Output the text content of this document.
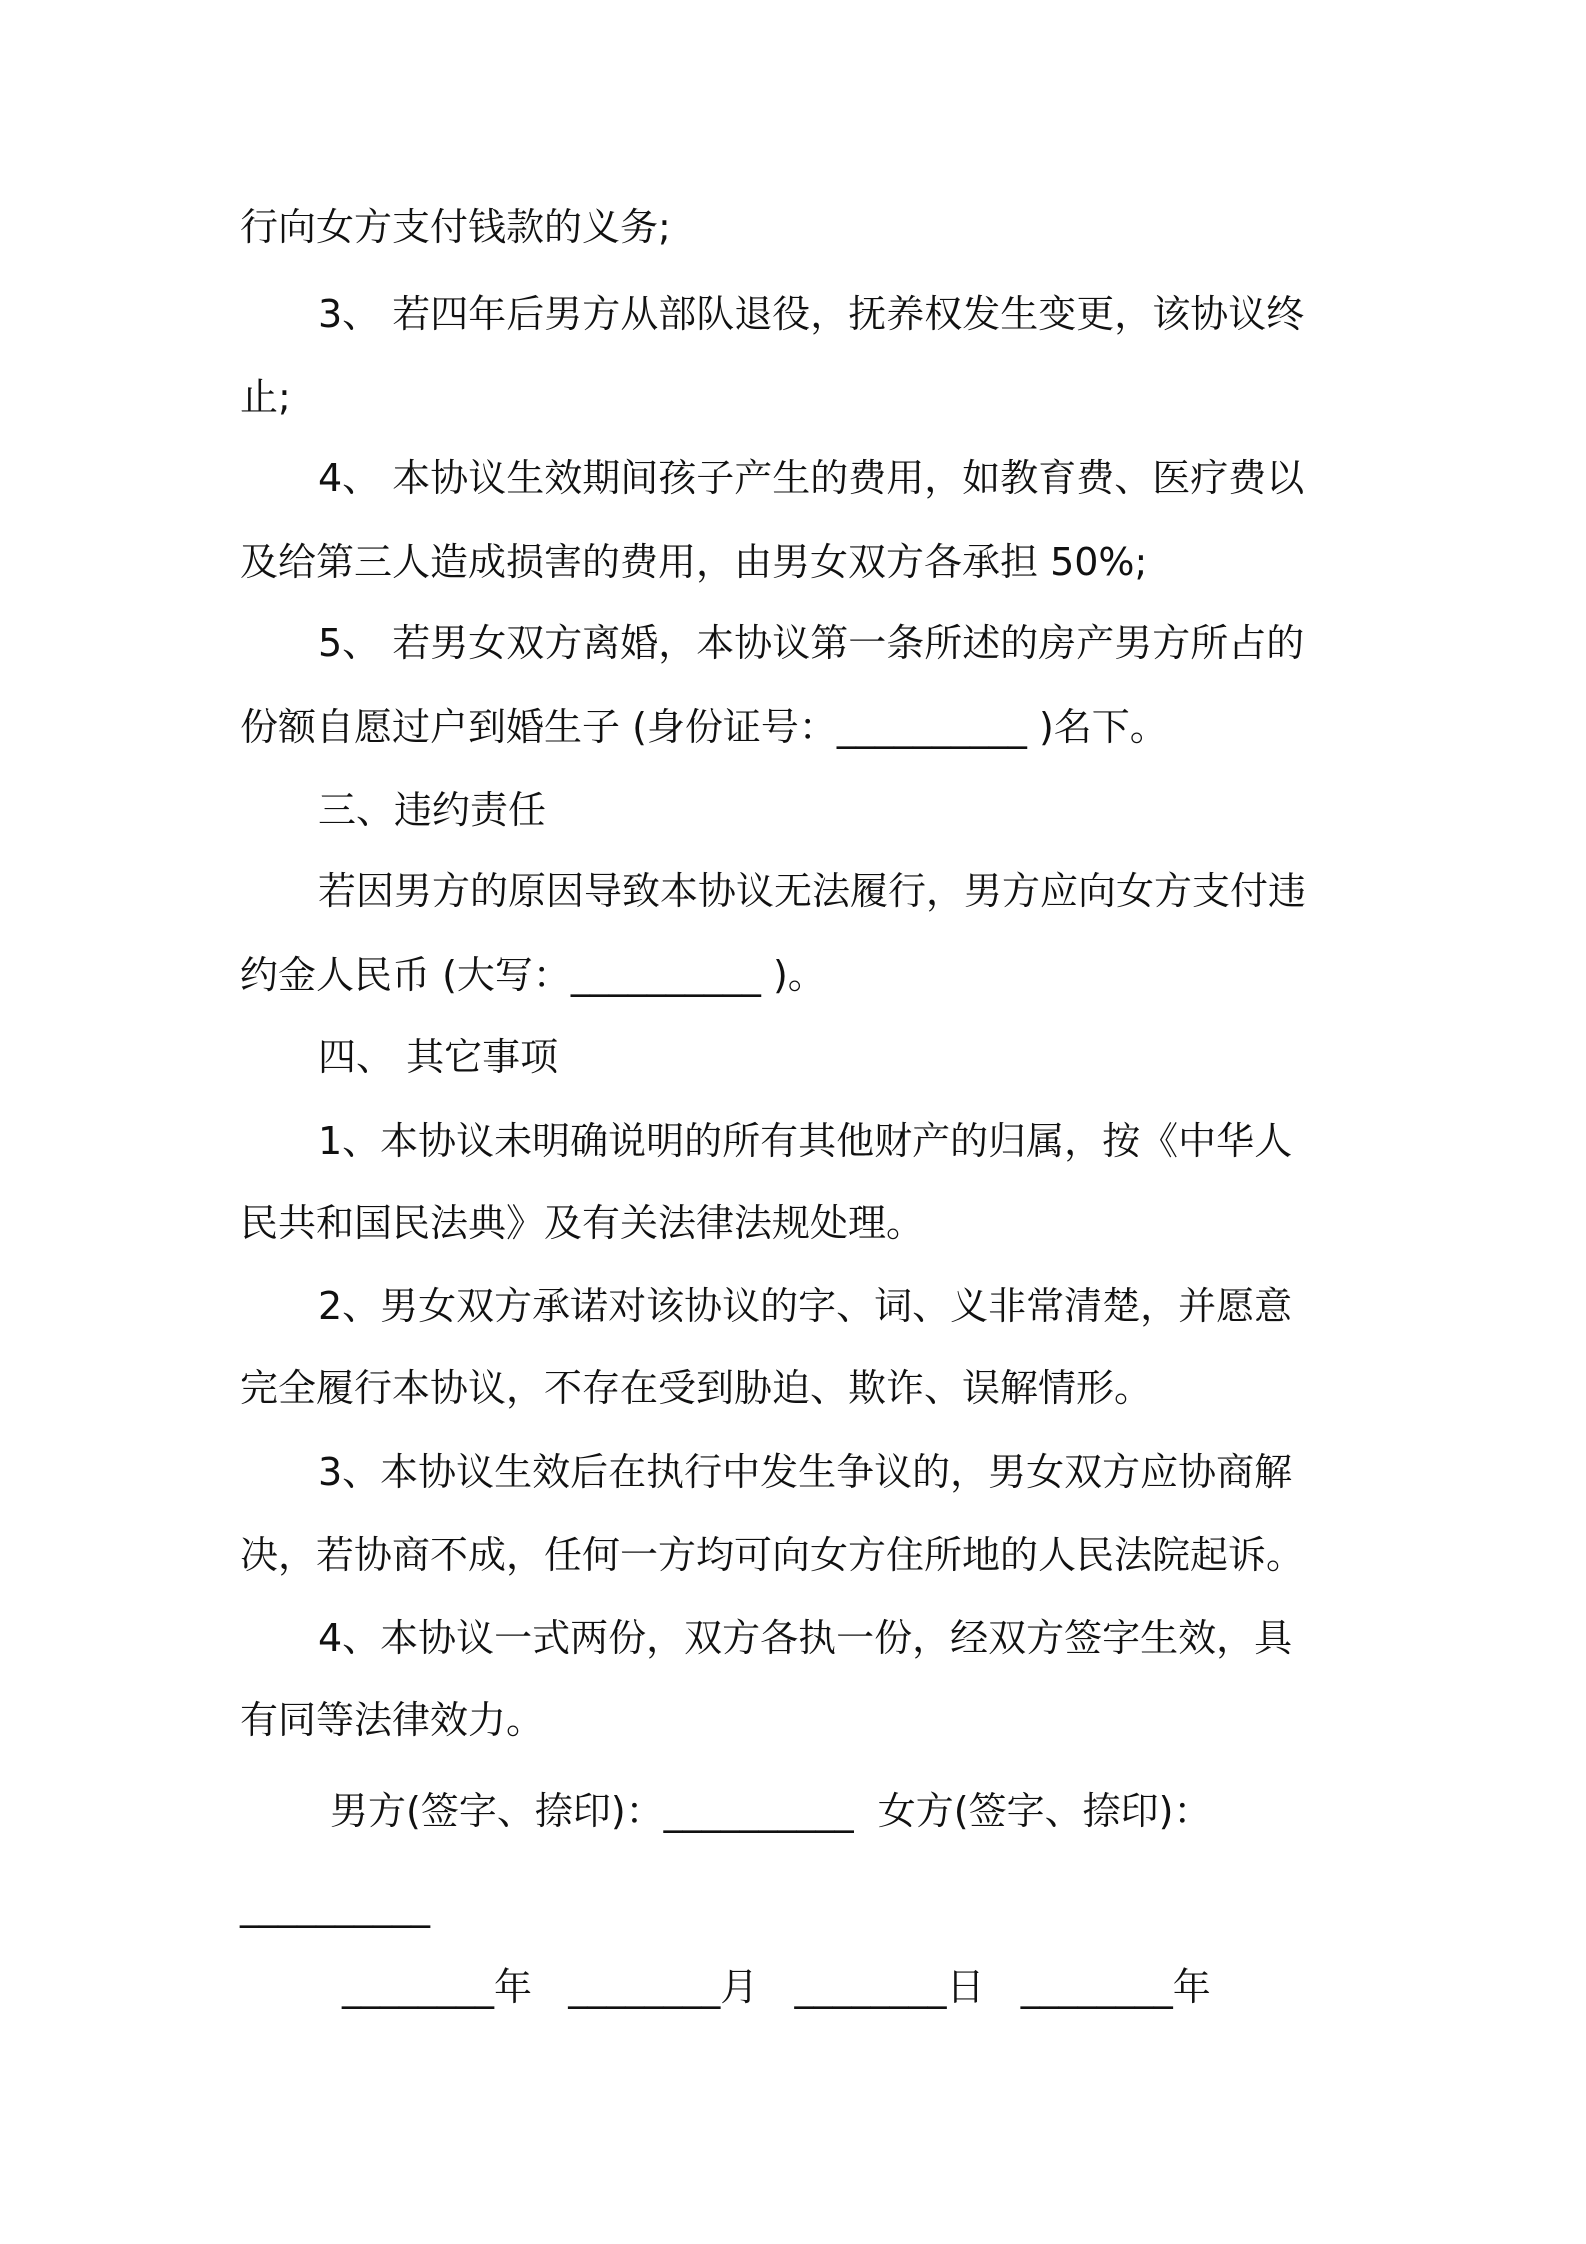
行向女方支付钱款的义务;

3、 若四年后男方从部队退役，抚养权发生变更，该协议终

止;

4、 本协议生效期间孩子产生的费用，如教育费、医疗费以

及给第三人造成损害的费用，由男女双方各承担 50%;

5、 若男女双方离婚，本协议第一条所述的房产男方所占的

份额自愿过户到婚生子 (身份证号：__________ )名下。

三、违约责任

若因男方的原因导致本协议无法履行，男方应向女方支付违

约金人民币 (大写：__________ )。

四、 其它事项

1、本协议未明确说明的所有其他财产的归属，按《中华人

民共和国民法典》及有关法律法规处理。

2、男女双方承诺对该协议的字、词、义非常清楚，并愿意

完全履行本协议，不存在受到胁迫、欺诈、误解情形。

3、本协议生效后在执行中发生争议的，男女双方应协商解

决，若协商不成，任何一方均可向女方住所地的人民法院起诉。

4、本协议一式两份，双方各执一份，经双方签字生效，具

有同等法律效力。

男方(签字、捺印)：__________  女方(签字、捺印)：

__________

________年   ________月   ________日   ________年
